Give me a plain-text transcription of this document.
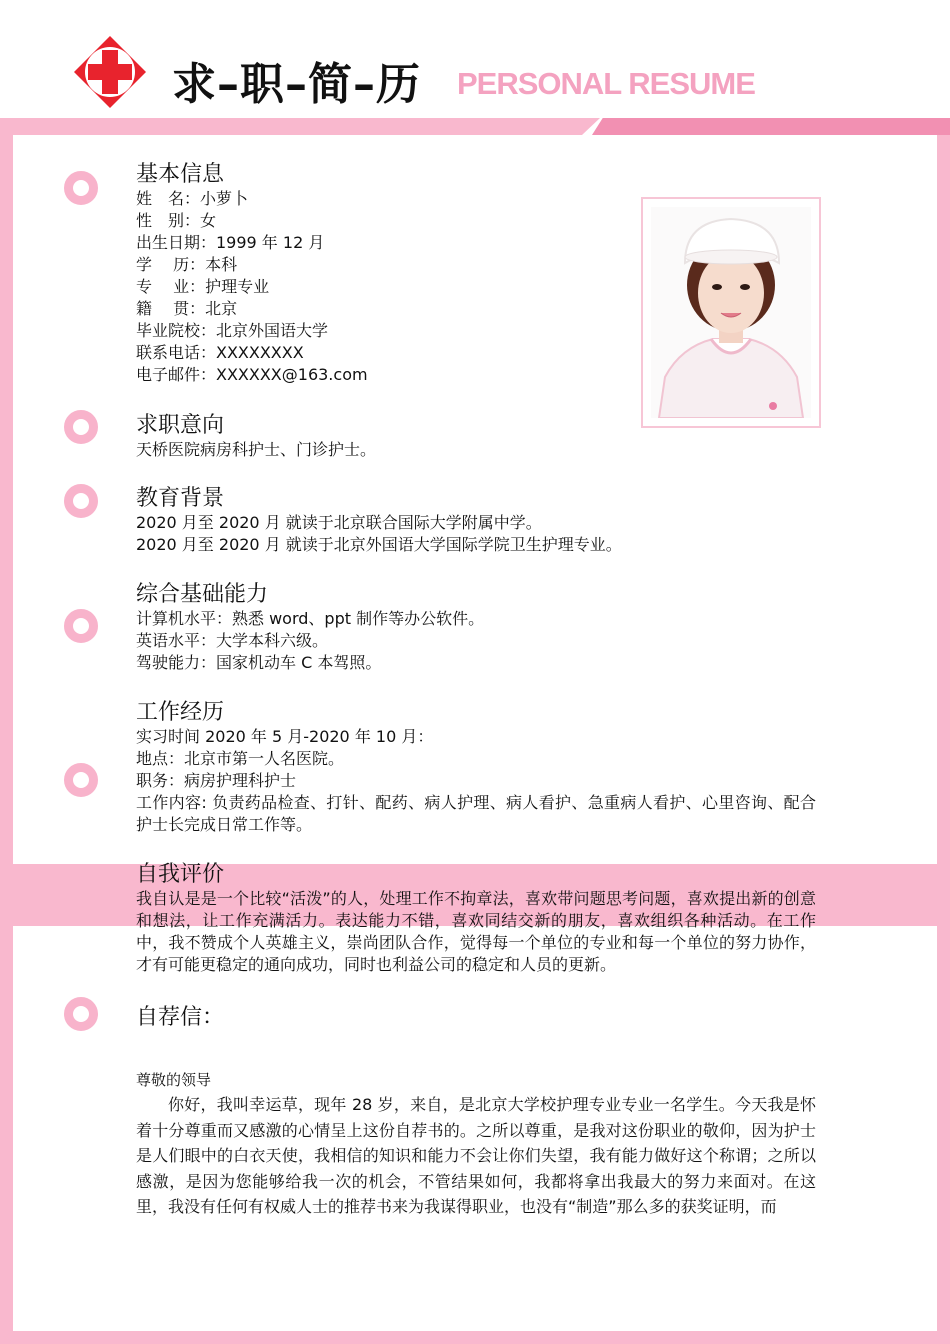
求–职–简–历 PERSONAL RESUME
基本信息
姓　名：小萝卜
性　别：女
出生日期：1999 年 12 月
学　 历：本科
专　 业：护理专业
籍　 贯：北京
毕业院校：北京外国语大学
联系电话：XXXXXXXX
电子邮件：XXXXXX@163.com
求职意向
天桥医院病房科护士、门诊护士。
教育背景
2020 月至 2020 月 就读于北京联合国际大学附属中学。
2020 月至 2020 月 就读于北京外国语大学国际学院卫生护理专业。
综合基础能力
计算机水平：熟悉 word、ppt 制作等办公软件。
英语水平：大学本科六级。
驾驶能力：国家机动车 C 本驾照。
工作经历
实习时间 2020 年 5 月-2020 年 10 月：
地点：北京市第一人名医院。
职务：病房护理科护士
工作内容: 负责药品检查、打针、配药、病人护理、病人看护、急重病人看护、心里咨询、配合护士长完成日常工作等。
自我评价
我自认是是一个比较“活泼”的人，处理工作不拘章法，喜欢带问题思考问题，喜欢提出新的创意和想法，让工作充满活力。表达能力不错，喜欢同结交新的朋友，喜欢组织各种活动。在工作中，我不赞成个人英雄主义，崇尚团队合作，觉得每一个单位的专业和每一个单位的努力协作，才有可能更稳定的通向成功，同时也利益公司的稳定和人员的更新。
自荐信：
尊敬的领导
你好，我叫幸运草，现年 28 岁，来自，是北京大学校护理专业专业一名学生。今天我是怀着十分尊重而又感激的心情呈上这份自荐书的。之所以尊重，是我对这份职业的敬仰，因为护士是人们眼中的白衣天使，我相信的知识和能力不会让你们失望，我有能力做好这个称谓；之所以感激，是因为您能够给我一次的机会，不管结果如何，我都将拿出我最大的努力来面对。在这里，我没有任何有权威人士的推荐书来为我谋得职业，也没有“制造”那么多的获奖证明，而
